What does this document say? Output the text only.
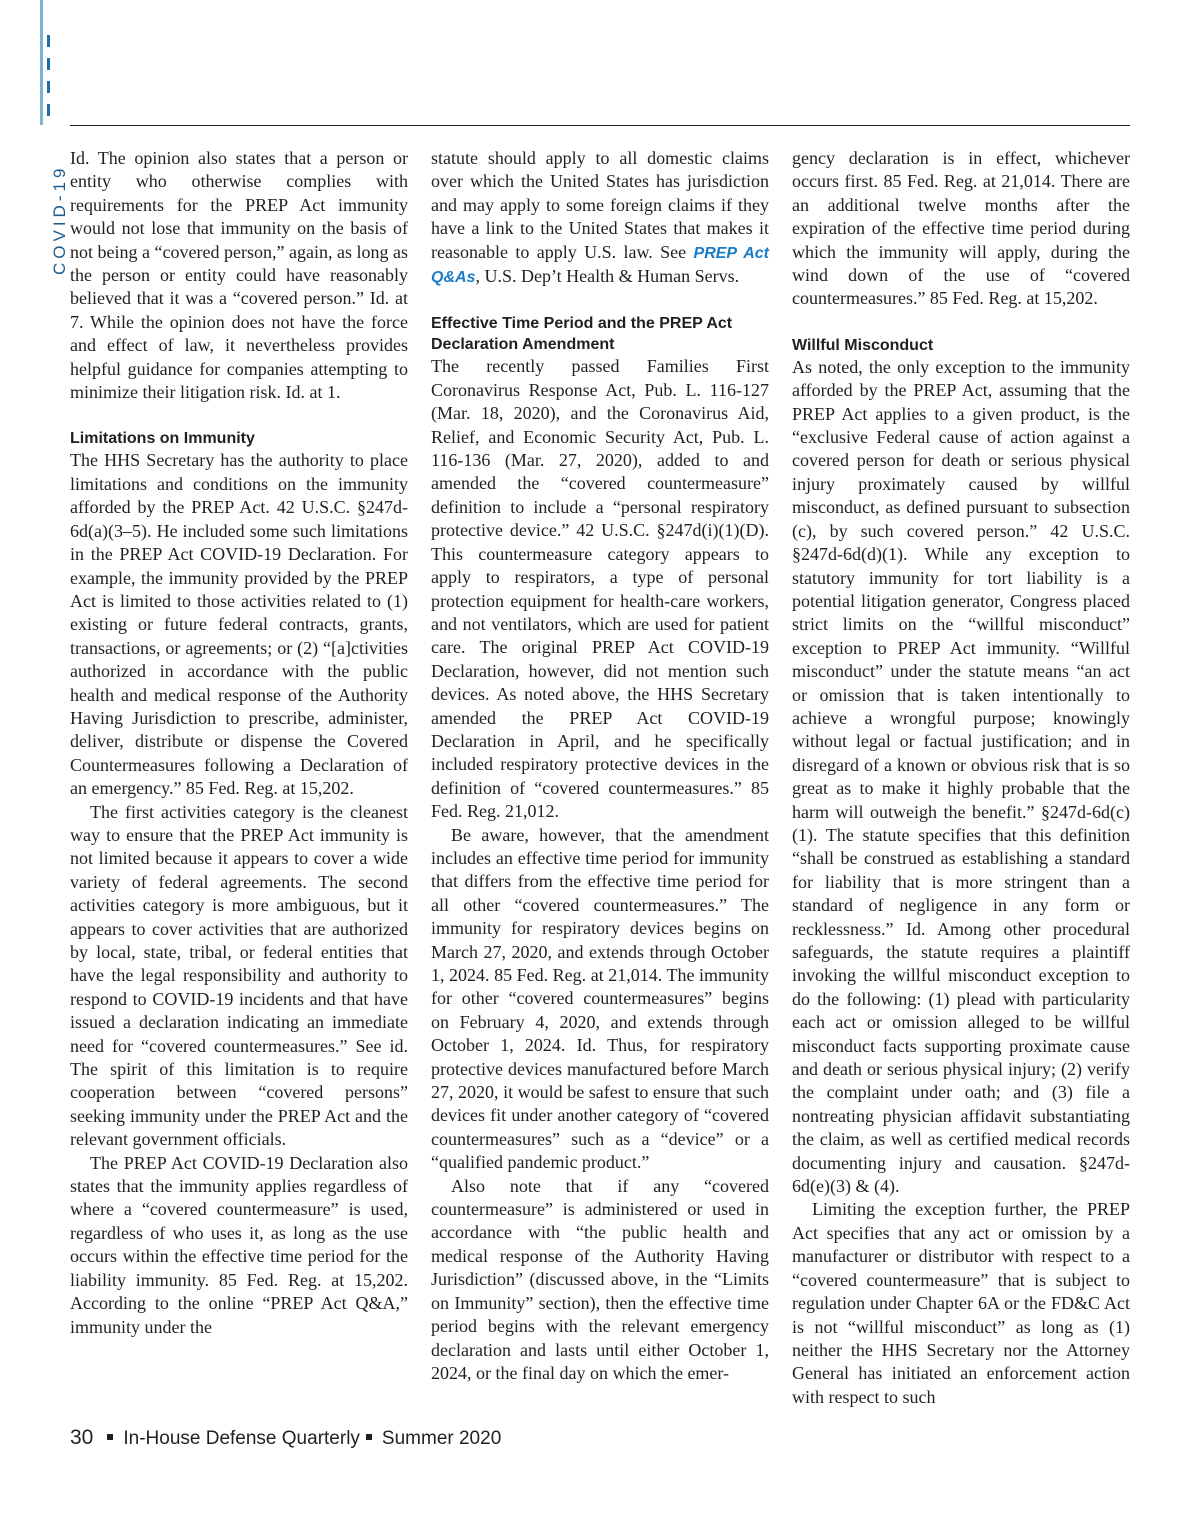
COVID-19

Id. The opinion also states that a person or entity who otherwise complies with requirements for the PREP Act immunity would not lose that immunity on the basis of not being a “covered person,” again, as long as the person or entity could have reasonably believed that it was a “covered person.” Id. at 7. While the opinion does not have the force and effect of law, it nevertheless provides helpful guidance for companies attempting to minimize their litigation risk. Id. at 1.

Limitations on Immunity

The HHS Secretary has the authority to place limitations and conditions on the immunity afforded by the PREP Act. 42 U.S.C. §247d-6d(a)(3–5). He included some such limitations in the PREP Act COVID-19 Declaration. For example, the immunity provided by the PREP Act is limited to those activities related to (1) existing or future federal contracts, grants, transactions, or agreements; or (2) “[a]ctivities authorized in accordance with the public health and medical response of the Authority Having Jurisdiction to prescribe, administer, deliver, distribute or dispense the Covered Countermeasures following a Declaration of an emergency.” 85 Fed. Reg. at 15,202.

The first activities category is the cleanest way to ensure that the PREP Act immunity is not limited because it appears to cover a wide variety of federal agreements. The second activities category is more ambiguous, but it appears to cover activities that are authorized by local, state, tribal, or federal entities that have the legal responsibility and authority to respond to COVID-19 incidents and that have issued a declaration indicating an immediate need for “covered countermeasures.” See id. The spirit of this limitation is to require cooperation between “covered persons” seeking immunity under the PREP Act and the relevant government officials.

The PREP Act COVID-19 Declaration also states that the immunity applies regardless of where a “covered countermeasure” is used, regardless of who uses it, as long as the use occurs within the effective time period for the liability immunity. 85 Fed. Reg. at 15,202. According to the online “PREP Act Q&A,” immunity under the

statute should apply to all domestic claims over which the United States has jurisdiction and may apply to some foreign claims if they have a link to the United States that makes it reasonable to apply U.S. law. See PREP Act Q&As, U.S. Dep’t Health & Human Servs.

Effective Time Period and the PREP Act Declaration Amendment

The recently passed Families First Coronavirus Response Act, Pub. L. 116-127 (Mar. 18, 2020), and the Coronavirus Aid, Relief, and Economic Security Act, Pub. L. 116-136 (Mar. 27, 2020), added to and amended the “covered countermeasure” definition to include a “personal respiratory protective device.” 42 U.S.C. §247d(i)(1)(D). This countermeasure category appears to apply to respirators, a type of personal protection equipment for health-care workers, and not ventilators, which are used for patient care. The original PREP Act COVID-19 Declaration, however, did not mention such devices. As noted above, the HHS Secretary amended the PREP Act COVID-19 Declaration in April, and he specifically included respiratory protective devices in the definition of “covered countermeasures.” 85 Fed. Reg. 21,012.

Be aware, however, that the amendment includes an effective time period for immunity that differs from the effective time period for all other “covered countermeasures.” The immunity for respiratory devices begins on March 27, 2020, and extends through October 1, 2024. 85 Fed. Reg. at 21,014. The immunity for other “covered countermeasures” begins on February 4, 2020, and extends through October 1, 2024. Id. Thus, for respiratory protective devices manufactured before March 27, 2020, it would be safest to ensure that such devices fit under another category of “covered countermeasures” such as a “device” or a “qualified pandemic product.”

Also note that if any “covered countermeasure” is administered or used in accordance with “the public health and medical response of the Authority Having Jurisdiction” (discussed above, in the “Limits on Immunity” section), then the effective time period begins with the relevant emergency declaration and lasts until either October 1, 2024, or the final day on which the emer-

gency declaration is in effect, whichever occurs first. 85 Fed. Reg. at 21,014. There are an additional twelve months after the expiration of the effective time period during which the immunity will apply, during the wind down of the use of “covered countermeasures.” 85 Fed. Reg. at 15,202.

Willful Misconduct

As noted, the only exception to the immunity afforded by the PREP Act, assuming that the PREP Act applies to a given product, is the “exclusive Federal cause of action against a covered person for death or serious physical injury proximately caused by willful misconduct, as defined pursuant to subsection (c), by such covered person.” 42 U.S.C. §247d-6d(d)(1). While any exception to statutory immunity for tort liability is a potential litigation generator, Congress placed strict limits on the “willful misconduct” exception to PREP Act immunity. “Willful misconduct” under the statute means “an act or omission that is taken intentionally to achieve a wrongful purpose; knowingly without legal or factual justification; and in disregard of a known or obvious risk that is so great as to make it highly probable that the harm will outweigh the benefit.” §247d-6d(c)(1). The statute specifies that this definition “shall be construed as establishing a standard for liability that is more stringent than a standard of negligence in any form or recklessness.” Id. Among other procedural safeguards, the statute requires a plaintiff invoking the willful misconduct exception to do the following: (1) plead with particularity each act or omission alleged to be willful misconduct facts supporting proximate cause and death or serious physical injury; (2) verify the complaint under oath; and (3) file a nontreating physician affidavit substantiating the claim, as well as certified medical records documenting injury and causation. §247d-6d(e)(3) & (4).

Limiting the exception further, the PREP Act specifies that any act or omission by a manufacturer or distributor with respect to a “covered countermeasure” that is subject to regulation under Chapter 6A or the FD&C Act is not “willful misconduct” as long as (1) neither the HHS Secretary nor the Attorney General has initiated an enforcement action with respect to such

30 In-House Defense Quarterly Summer 2020
